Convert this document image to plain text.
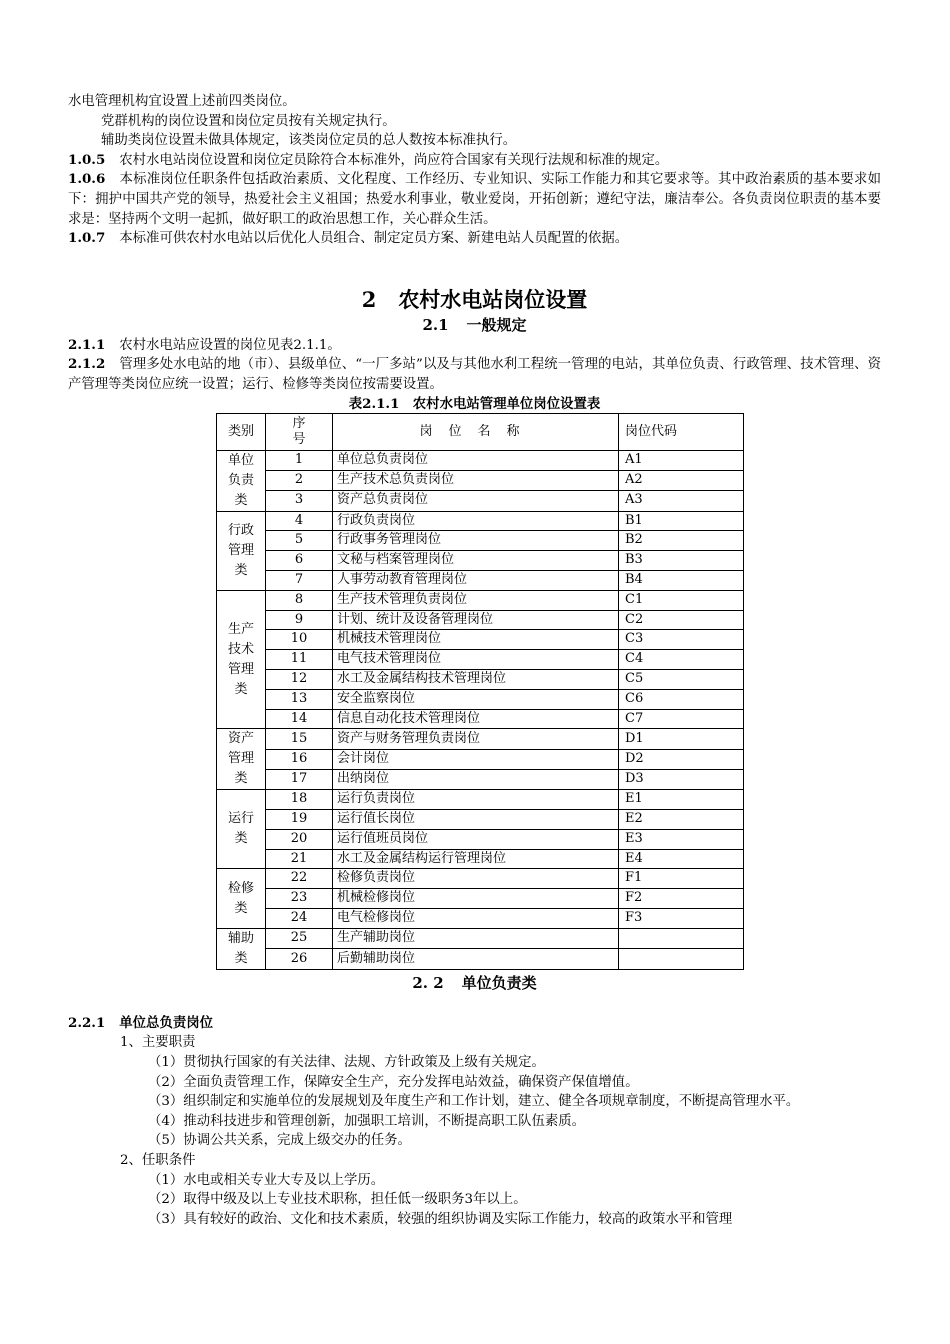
水电管理机构宜设置上述前四类岗位。

党群机构的岗位设置和岗位定员按有关规定执行。

辅助类岗位设置未做具体规定，该类岗位定员的总人数按本标准执行。

1.0.5 农村水电站岗位设置和岗位定员除符合本标准外，尚应符合国家有关现行法规和标准的规定。

1.0.6 本标准岗位任职条件包括政治素质、文化程度、工作经历、专业知识、实际工作能力和其它要求等。其中政治素质的基本要求如下：拥护中国共产党的领导，热爱社会主义祖国；热爱水利事业，敬业爱岗，开拓创新；遵纪守法，廉洁奉公。各负责岗位职责的基本要求是：坚持两个文明一起抓，做好职工的政治思想工作，关心群众生活。

1.0.7 本标准可供农村水电站以后优化人员组合、制定定员方案、新建电站人员配置的依据。

2 农村水电站岗位设置
2.1 一般规定

2.1.1 农村水电站应设置的岗位见表2.1.1。

2.1.2 管理多处水电站的地（市）、县级单位、“一厂多站”以及与其他水利工程统一管理的电站，其单位负责、行政管理、技术管理、资产管理等类岗位应统一设置；运行、检修等类岗位按需要设置。

表2.1.1　农村水电站管理单位岗位设置表

类别	序号	岗位名称	岗位代码
单位负责类	1	单位总负责岗位	A1
	2	生产技术总负责岗位	A2
	3	资产总负责岗位	A3
行政管理类	4	行政负责岗位	B1
	5	行政事务管理岗位	B2
	6	文秘与档案管理岗位	B3
	7	人事劳动教育管理岗位	B4
生产技术管理类	8	生产技术管理负责岗位	C1
	9	计划、统计及设备管理岗位	C2
	10	机械技术管理岗位	C3
	11	电气技术管理岗位	C4
	12	水工及金属结构技术管理岗位	C5
	13	安全监察岗位	C6
	14	信息自动化技术管理岗位	C7
资产管理类	15	资产与财务管理负责岗位	D1
	16	会计岗位	D2
	17	出纳岗位	D3
运行类	18	运行负责岗位	E1
	19	运行值长岗位	E2
	20	运行值班员岗位	E3
	21	水工及金属结构运行管理岗位	E4
检修类	22	检修负责岗位	F1
	23	机械检修岗位	F2
	24	电气检修岗位	F3
辅助类	25	生产辅助岗位	
	26	后勤辅助岗位	
2. 2 单位负责类

2.2.1 单位总负责岗位

1、主要职责

（1）贯彻执行国家的有关法律、法规、方针政策及上级有关规定。

（2）全面负责管理工作，保障安全生产，充分发挥电站效益，确保资产保值增值。

（3）组织制定和实施单位的发展规划及年度生产和工作计划，建立、健全各项规章制度，不断提高管理水平。

（4）推动科技进步和管理创新，加强职工培训，不断提高职工队伍素质。

（5）协调公共关系，完成上级交办的任务。

2、任职条件

（1）水电或相关专业大专及以上学历。

（2）取得中级及以上专业技术职称，担任低一级职务3年以上。

（3）具有较好的政治、文化和技术素质，较强的组织协调及实际工作能力，较高的政策水平和管理
